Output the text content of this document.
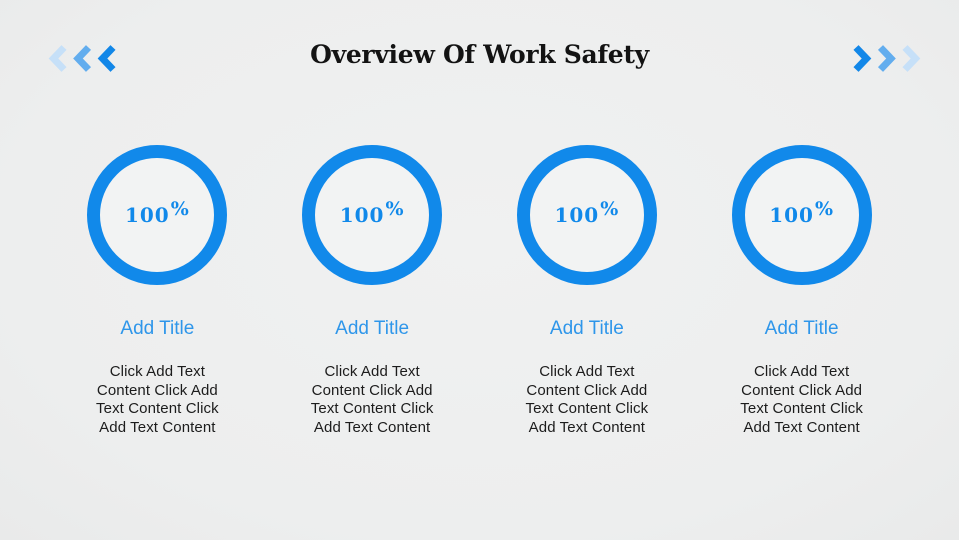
Overview Of Work Safety
100%
Add Title
Click Add Text
Content Click Add
Text Content Click
Add Text Content
100%
Add Title
Click Add Text
Content Click Add
Text Content Click
Add Text Content
100%
Add Title
Click Add Text
Content Click Add
Text Content Click
Add Text Content
100%
Add Title
Click Add Text
Content Click Add
Text Content Click
Add Text Content
